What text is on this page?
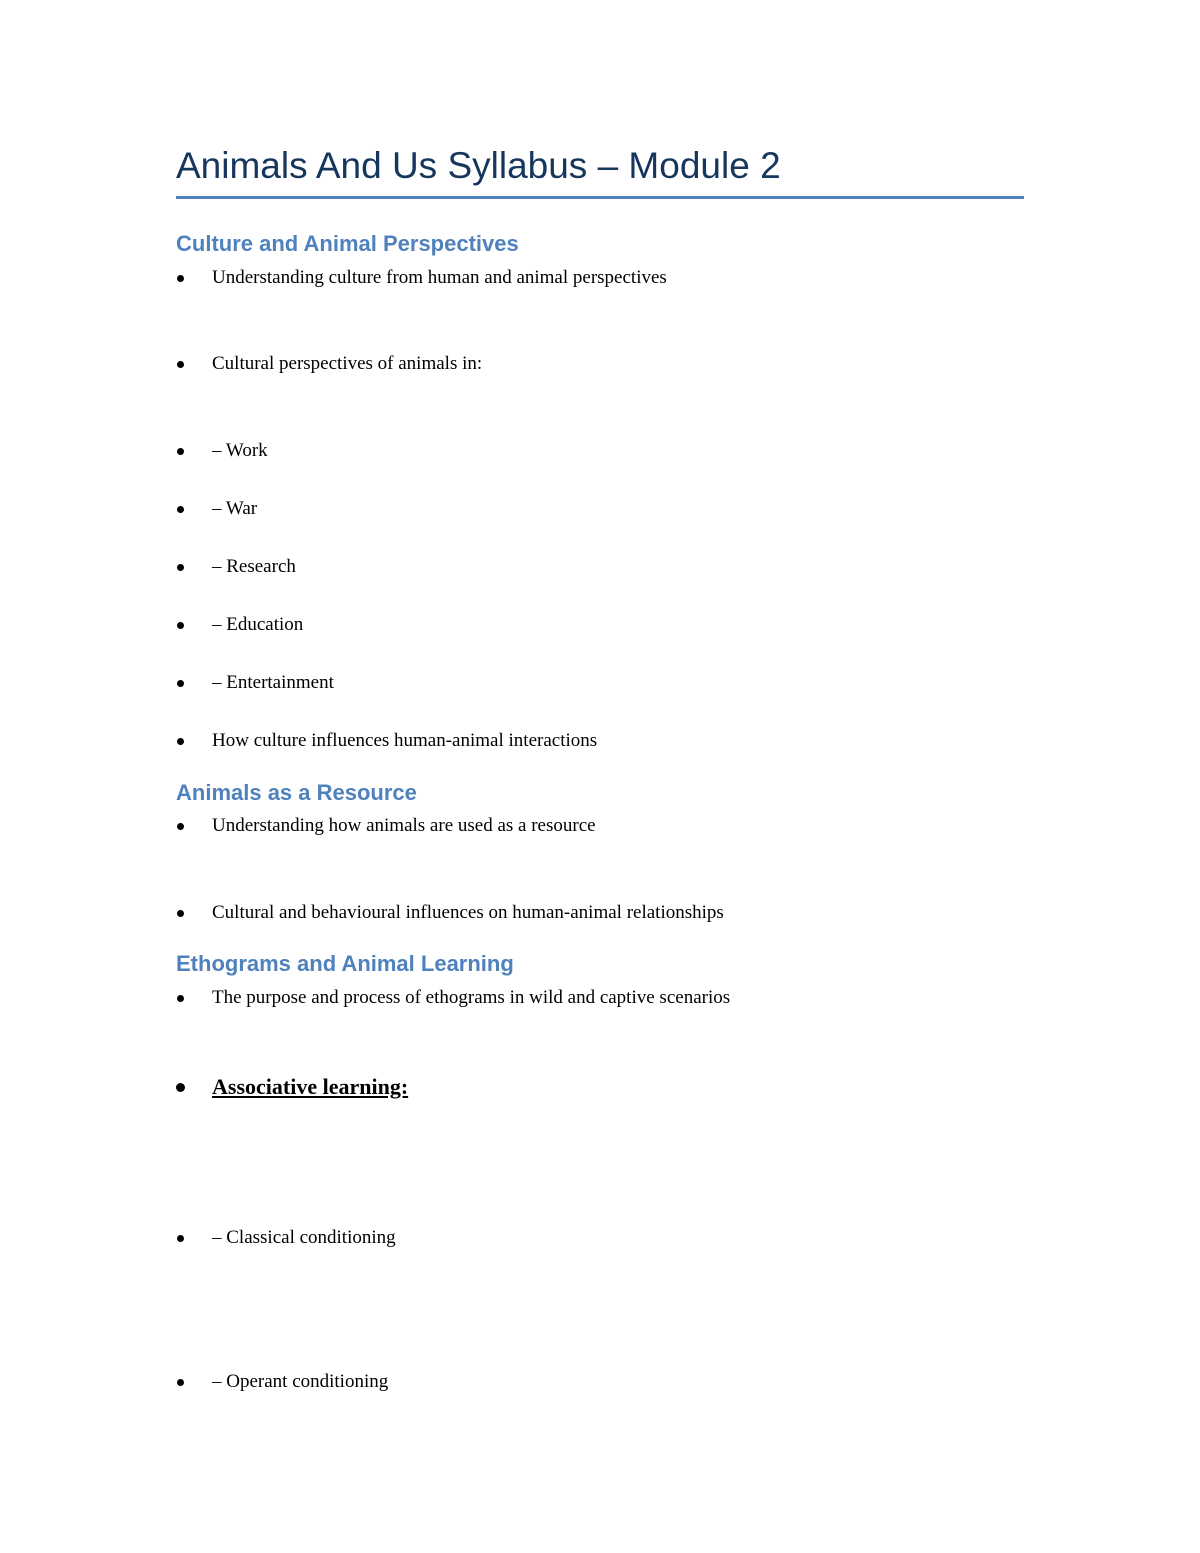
Animals And Us Syllabus – Module 2
Culture and Animal Perspectives
Understanding culture from human and animal perspectives
Cultural perspectives of animals in:
– Work
– War
– Research
– Education
– Entertainment
How culture influences human-animal interactions
Animals as a Resource
Understanding how animals are used as a resource
Cultural and behavioural influences on human-animal relationships
Ethograms and Animal Learning
The purpose and process of ethograms in wild and captive scenarios
Associative learning:
– Classical conditioning
– Operant conditioning
